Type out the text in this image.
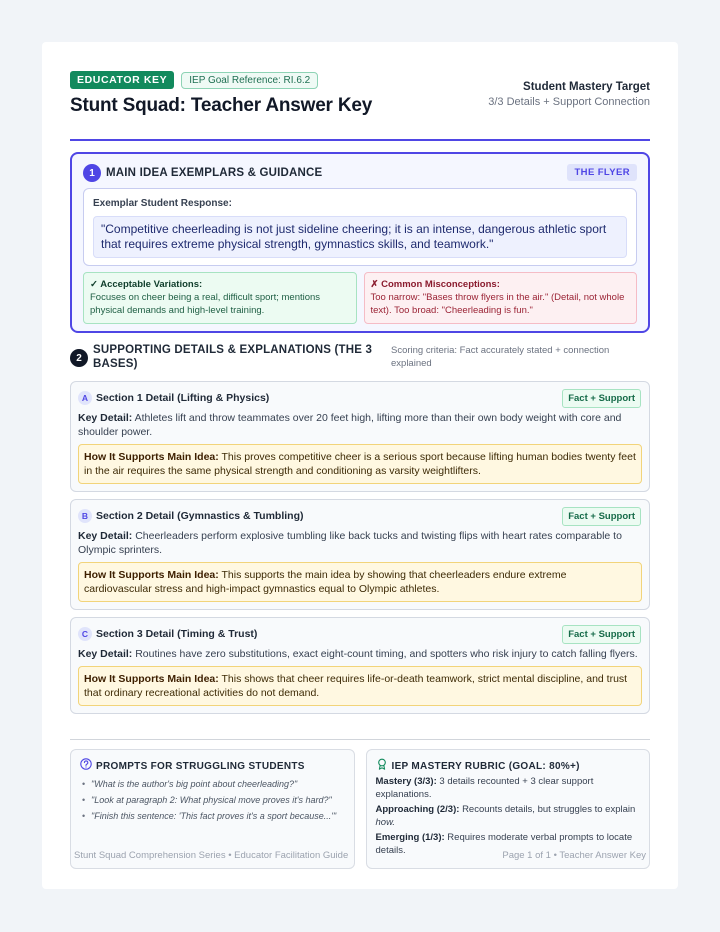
EDUCATOR KEY	IEP Goal Reference: RI.6.2
Stunt Squad: Teacher Answer Key
Student Mastery Target
3/3 Details + Support Connection
1 MAIN IDEA EXEMPLARS & GUIDANCE	THE FLYER
Exemplar Student Response:
"Competitive cheerleading is not just sideline cheering; it is an intense, dangerous athletic sport that requires extreme physical strength, gymnastics skills, and teamwork."
✓ Acceptable Variations:
Focuses on cheer being a real, difficult sport; mentions physical demands and high-level training.
✗ Common Misconceptions:
Too narrow: "Bases throw flyers in the air." (Detail, not whole text). Too broad: "Cheerleading is fun."
2
SUPPORTING DETAILS & EXPLANATIONS (THE 3 BASES)
Scoring criteria: Fact accurately stated + connection explained
A Section 1 Detail (Lifting & Physics)	Fact + Support
Key Detail: Athletes lift and throw teammates over 20 feet high, lifting more than their own body weight with core and shoulder power.
How It Supports Main Idea: This proves competitive cheer is a serious sport because lifting human bodies twenty feet in the air requires the same physical strength and conditioning as varsity weightlifters.
B Section 2 Detail (Gymnastics & Tumbling)	Fact + Support
Key Detail: Cheerleaders perform explosive tumbling like back tucks and twisting flips with heart rates comparable to Olympic sprinters.
How It Supports Main Idea: This supports the main idea by showing that cheerleaders endure extreme cardiovascular stress and high-impact gymnastics equal to Olympic athletes.
C Section 3 Detail (Timing & Trust)	Fact + Support
Key Detail: Routines have zero substitutions, exact eight-count timing, and spotters who risk injury to catch falling flyers.
How It Supports Main Idea: This shows that cheer requires life-or-death teamwork, strict mental discipline, and trust that ordinary recreational activities do not demand.
PROMPTS FOR STRUGGLING STUDENTS
• "What is the author's big point about cheerleading?"
• "Look at paragraph 2: What physical move proves it's hard?"
• "Finish this sentence: 'This fact proves it's a sport because...'"
IEP MASTERY RUBRIC (GOAL: 80%+)
Mastery (3/3): 3 details recounted + 3 clear support explanations.
Approaching (2/3): Recounts details, but struggles to explain how.
Emerging (1/3): Requires moderate verbal prompts to locate details.
Stunt Squad Comprehension Series • Educator Facilitation Guide	Page 1 of 1 • Teacher Answer Key
